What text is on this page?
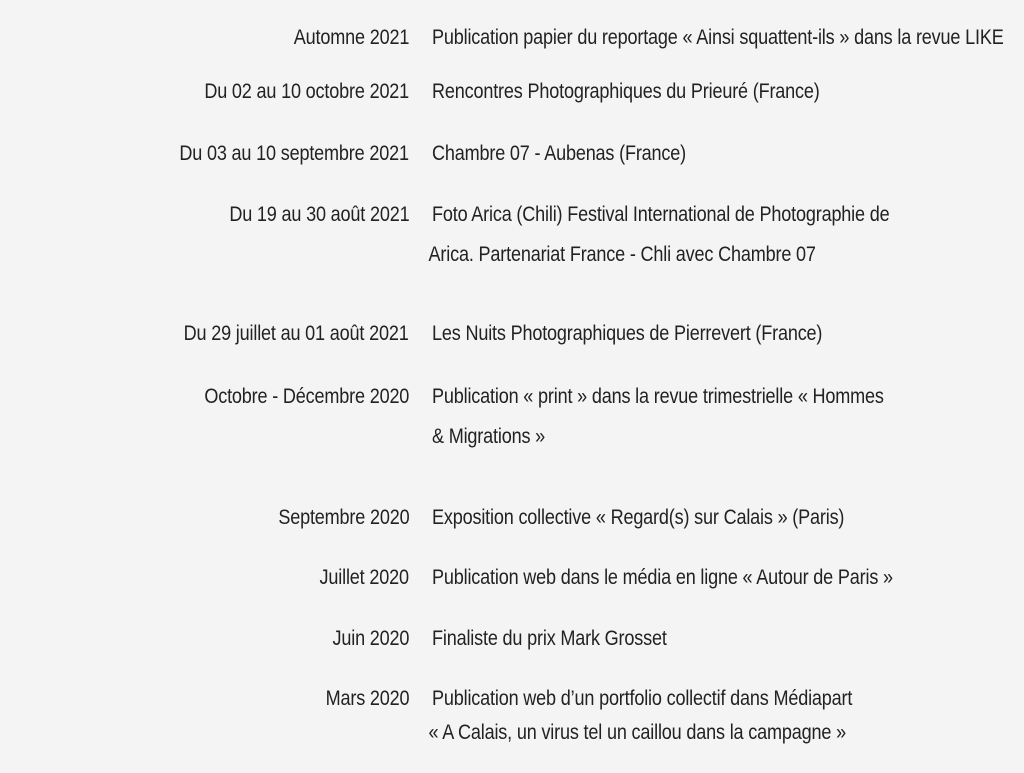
Automne 2021 Publication papier du reportage « Ainsi squattent-ils » dans la revue LIKE
Du 02 au 10 octobre 2021 Rencontres Photographiques du Prieuré (France)
Du 03 au 10 septembre 2021 Chambre 07 - Aubenas (France)
Du 19 au 30 août 2021 Foto Arica (Chili) Festival International de Photographie de
Arica. Partenariat France - Chli avec Chambre 07
Du 29 juillet au 01 août 2021 Les Nuits Photographiques de Pierrevert (France)
Octobre - Décembre 2020 Publication « print » dans la revue trimestrielle « Hommes
& Migrations »
Septembre 2020 Exposition collective « Regard(s) sur Calais » (Paris)
Juillet 2020 Publication web dans le média en ligne « Autour de Paris »
Juin 2020 Finaliste du prix Mark Grosset
Mars 2020 Publication web d’un portfolio collectif dans Médiapart
« A Calais, un virus tel un caillou dans la campagne »
